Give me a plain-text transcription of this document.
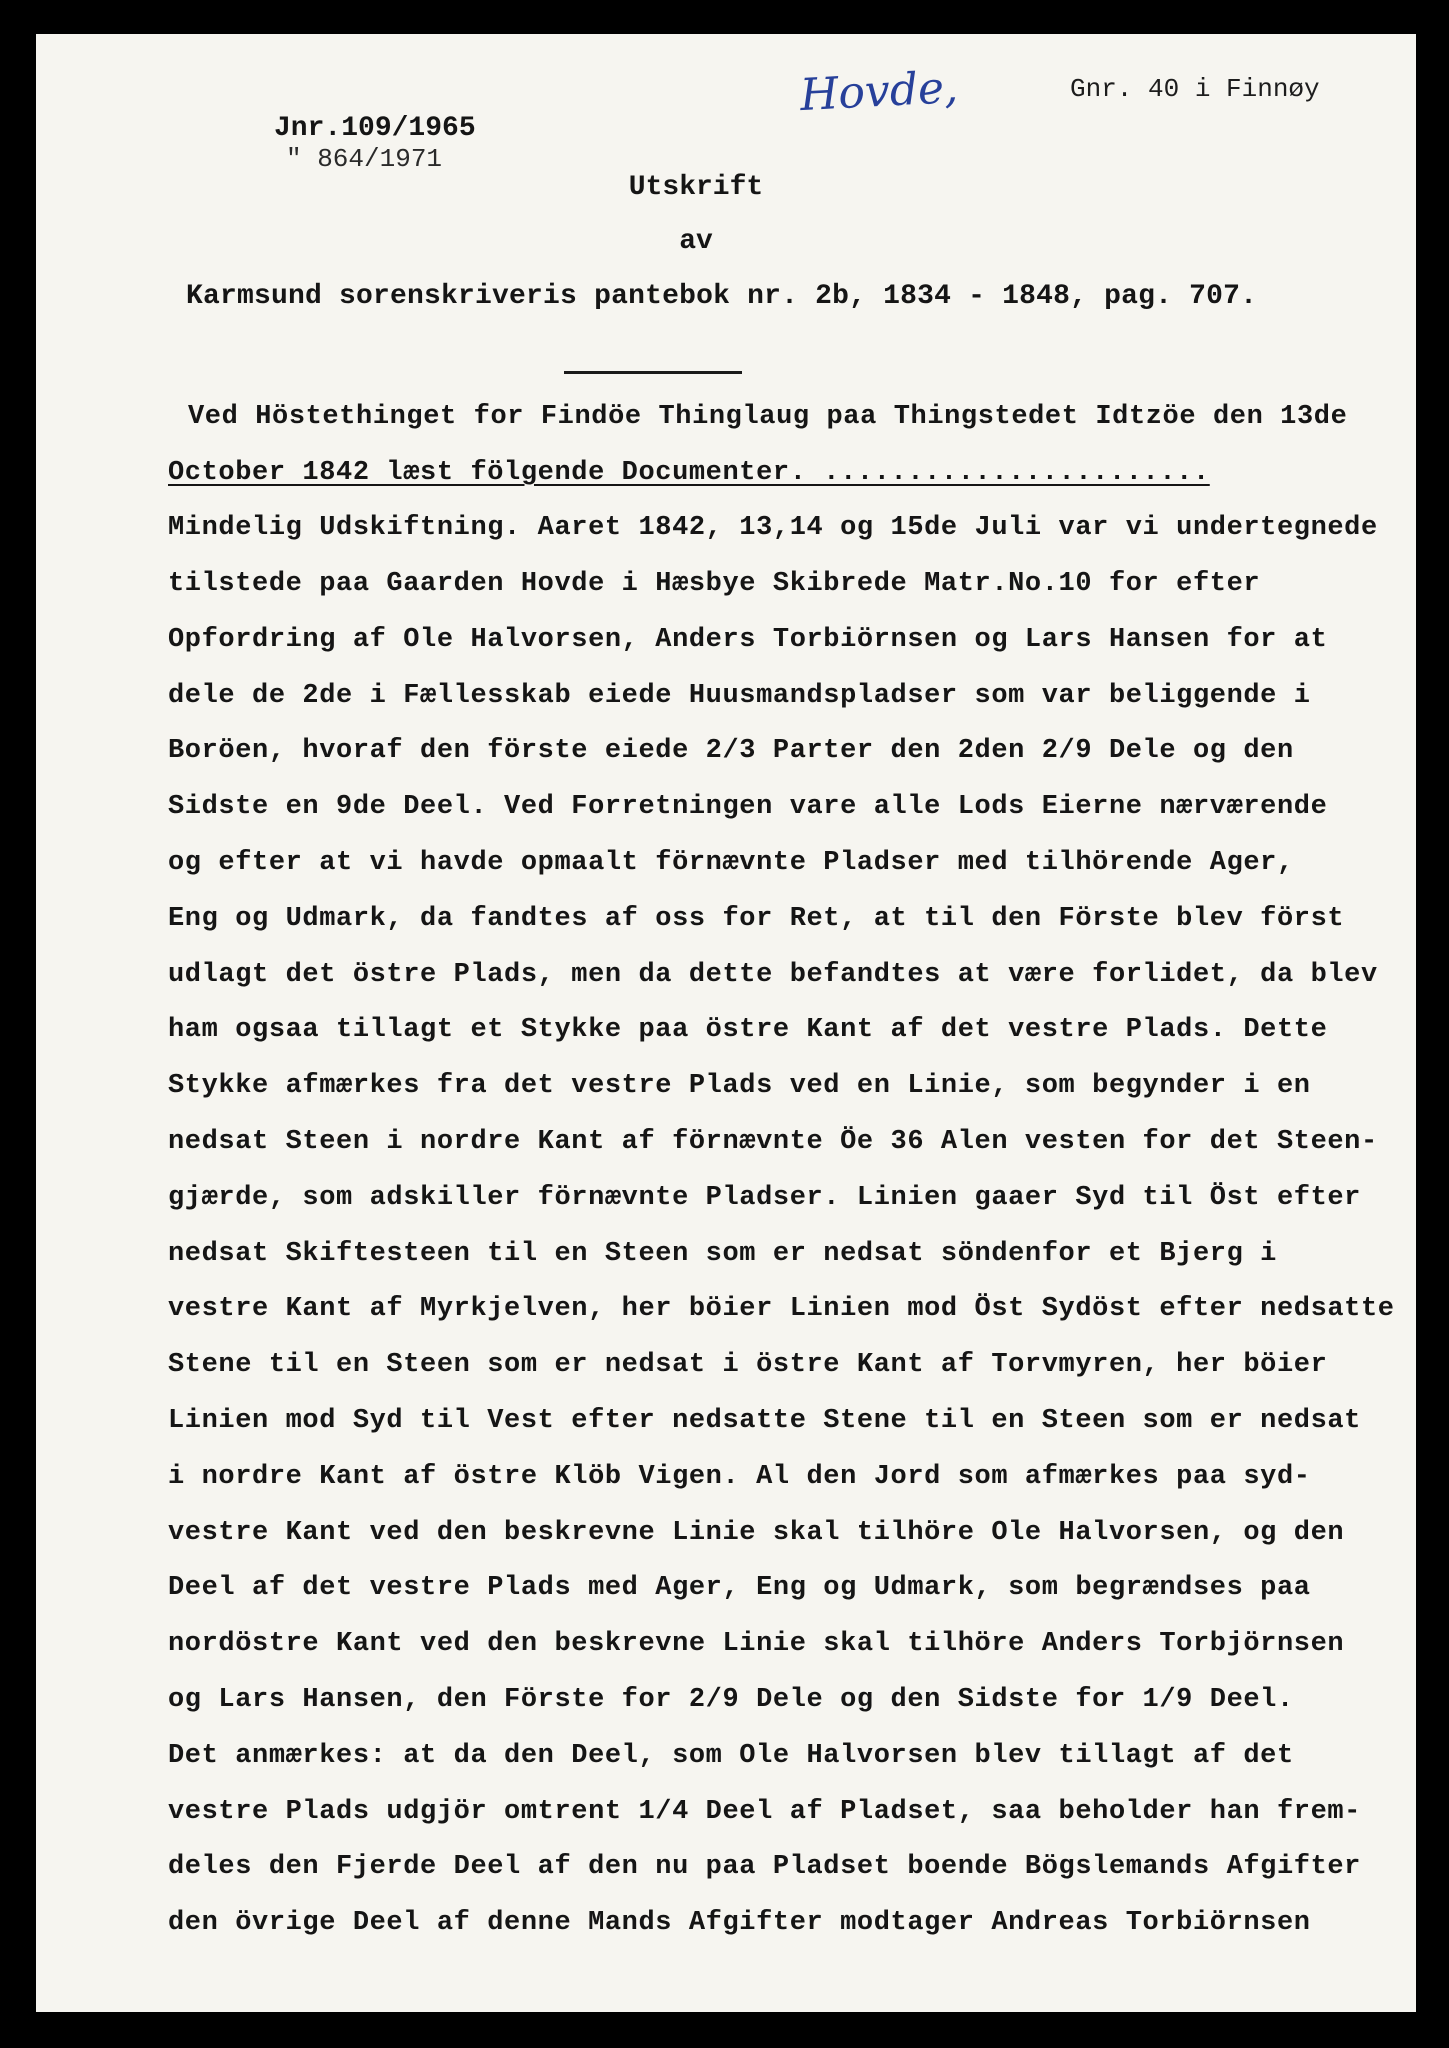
Hovde,	Gnr. 40 i Finnøy
Jnr.109/1965
" 864/1971
Utskrift
av
Karmsund sorenskriveris pantebok nr. 2b, 1834 - 1848, pag. 707.
Ved Höstethinget for Findöe Thinglaug paa Thingstedet Idtzöe den 13de
October 1842 læst fölgende Documenter. .......................
Mindelig Udskiftning. Aaret 1842, 13,14 og 15de Juli var vi undertegnede
tilstede paa Gaarden Hovde i Hæsbye Skibrede Matr.No.10 for efter
Opfordring af Ole Halvorsen, Anders Torbiörnsen og Lars Hansen for at
dele de 2de i Fællesskab eiede Huusmandspladser som var beliggende i
Boröen, hvoraf den förste eiede 2/3 Parter den 2den 2/9 Dele og den
Sidste en 9de Deel. Ved Forretningen vare alle Lods Eierne nærværende
og efter at vi havde opmaalt förnævnte Pladser med tilhörende Ager,
Eng og Udmark, da fandtes af oss for Ret, at til den Förste blev först
udlagt det östre Plads, men da dette befandtes at være forlidet, da blev
ham ogsaa tillagt et Stykke paa östre Kant af det vestre Plads. Dette
Stykke afmærkes fra det vestre Plads ved en Linie, som begynder i en
nedsat Steen i nordre Kant af förnævnte Öe 36 Alen vesten for det Steen-
gjærde, som adskiller förnævnte Pladser. Linien gaaer Syd til Öst efter
nedsat Skiftesteen til en Steen som er nedsat söndenfor et Bjerg i
vestre Kant af Myrkjelven, her böier Linien mod Öst Sydöst efter nedsatte
Stene til en Steen som er nedsat i östre Kant af Torvmyren, her böier
Linien mod Syd til Vest efter nedsatte Stene til en Steen som er nedsat
i nordre Kant af östre Klöb Vigen. Al den Jord som afmærkes paa syd-
vestre Kant ved den beskrevne Linie skal tilhöre Ole Halvorsen, og den
Deel af det vestre Plads med Ager, Eng og Udmark, som begrændses paa
nordöstre Kant ved den beskrevne Linie skal tilhöre Anders Torbjörnsen
og Lars Hansen, den Förste for 2/9 Dele og den Sidste for 1/9 Deel.
Det anmærkes: at da den Deel, som Ole Halvorsen blev tillagt af det
vestre Plads udgjör omtrent 1/4 Deel af Pladset, saa beholder han frem-
deles den Fjerde Deel af den nu paa Pladset boende Bögslemands Afgifter
den övrige Deel af denne Mands Afgifter modtager Andreas Torbiörnsen
